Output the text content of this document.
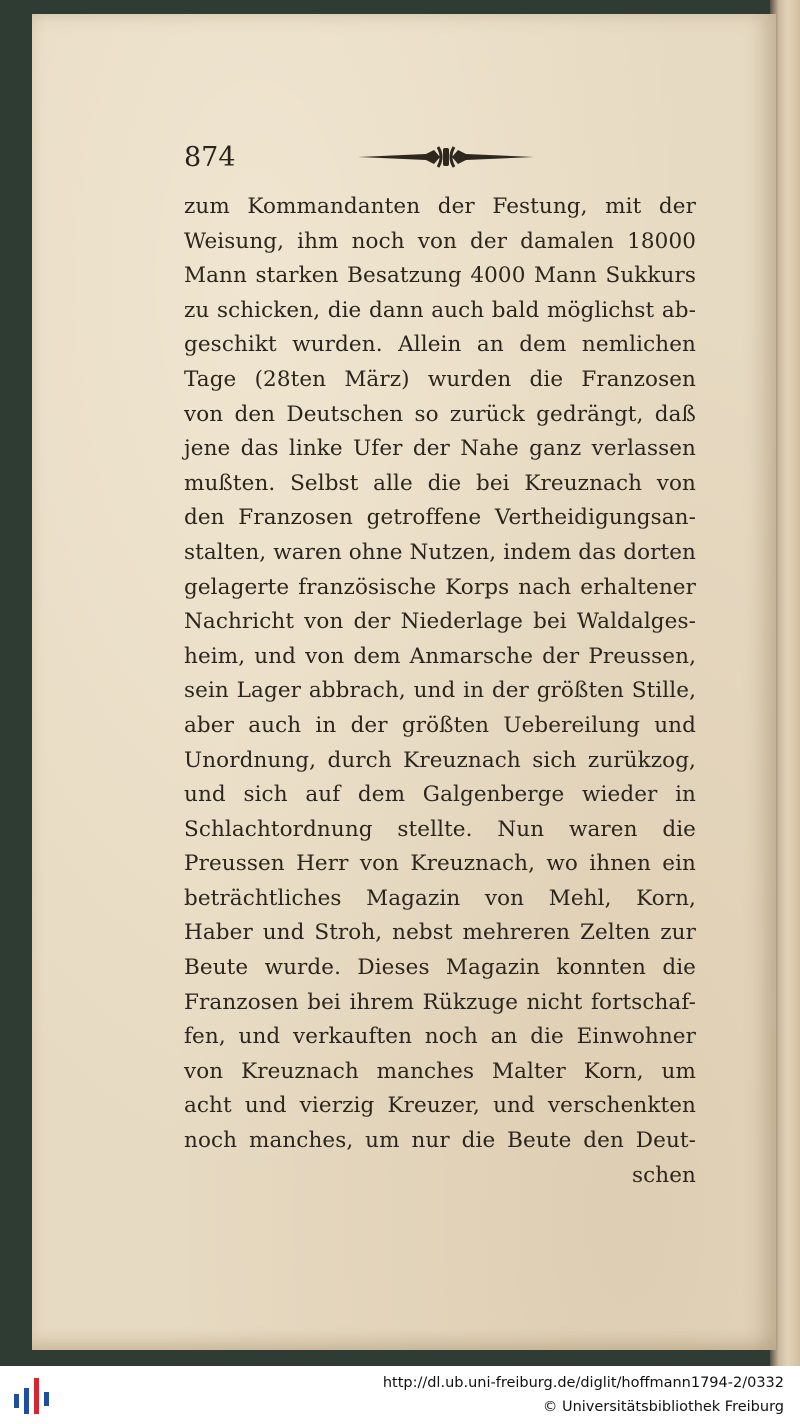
874
zum Kommandanten der Festung, mit der
Weisung, ihm noch von der damalen 18000
Mann starken Besatzung 4000 Mann Sukkurs
zu schicken, die dann auch bald möglichst ab-
geschikt wurden. Allein an dem nemlichen
Tage (28ten März) wurden die Franzosen
von den Deutschen so zurück gedrängt, daß
jene das linke Ufer der Nahe ganz verlassen
mußten. Selbst alle die bei Kreuznach von
den Franzosen getroffene Vertheidigungsan-
stalten, waren ohne Nutzen, indem das dorten
gelagerte französische Korps nach erhaltener
Nachricht von der Niederlage bei Waldalges-
heim, und von dem Anmarsche der Preussen,
sein Lager abbrach, und in der größten Stille,
aber auch in der größten Uebereilung und
Unordnung, durch Kreuznach sich zurükzog,
und sich auf dem Galgenberge wieder in
Schlachtordnung stellte. Nun waren die
Preussen Herr von Kreuznach, wo ihnen ein
beträchtliches Magazin von Mehl, Korn,
Haber und Stroh, nebst mehreren Zelten zur
Beute wurde. Dieses Magazin konnten die
Franzosen bei ihrem Rükzuge nicht fortschaf-
fen, und verkauften noch an die Einwohner
von Kreuznach manches Malter Korn, um
acht und vierzig Kreuzer, und verschenkten
noch manches, um nur die Beute den Deut-
schen
http://dl.ub.uni-freiburg.de/diglit/hoffmann1794-2/0332
© Universitätsbibliothek Freiburg
